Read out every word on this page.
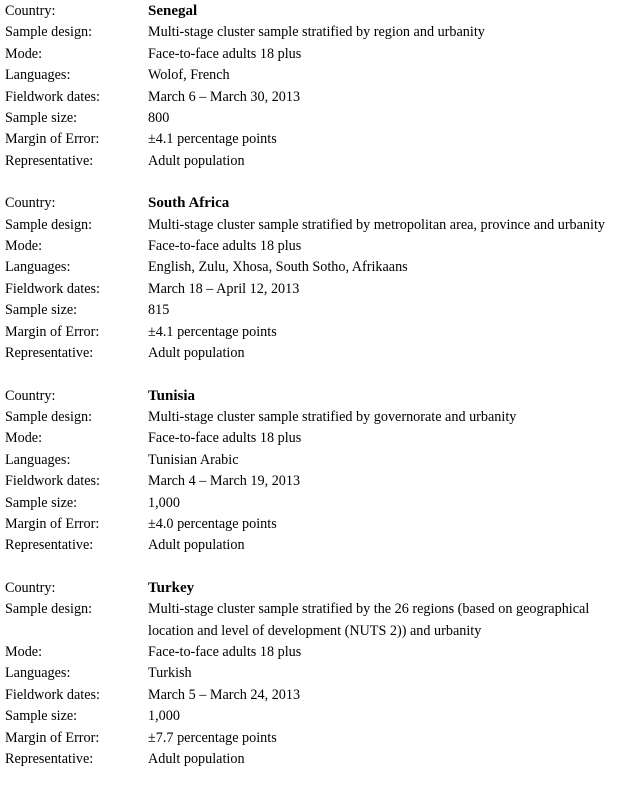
Country:	Senegal
Sample design:	Multi-stage cluster sample stratified by region and urbanity
Mode:	Face-to-face adults 18 plus
Languages:	Wolof, French
Fieldwork dates:	March 6 – March 30, 2013
Sample size:	800
Margin of Error:	±4.1 percentage points
Representative:	Adult population
Country:	South Africa
Sample design:	Multi-stage cluster sample stratified by metropolitan area, province and urbanity
Mode:	Face-to-face adults 18 plus
Languages:	English, Zulu, Xhosa, South Sotho, Afrikaans
Fieldwork dates:	March 18 – April 12, 2013
Sample size:	815
Margin of Error:	±4.1 percentage points
Representative:	Adult population
Country:	Tunisia
Sample design:	Multi-stage cluster sample stratified by governorate and urbanity
Mode:	Face-to-face adults 18 plus
Languages:	Tunisian Arabic
Fieldwork dates:	March 4 – March 19, 2013
Sample size:	1,000
Margin of Error:	±4.0 percentage points
Representative:	Adult population
Country:	Turkey
Sample design:	Multi-stage cluster sample stratified by the 26 regions (based on geographical location and level of development (NUTS 2)) and urbanity
Mode:	Face-to-face adults 18 plus
Languages:	Turkish
Fieldwork dates:	March 5 – March 24, 2013
Sample size:	1,000
Margin of Error:	±7.7 percentage points
Representative:	Adult population
